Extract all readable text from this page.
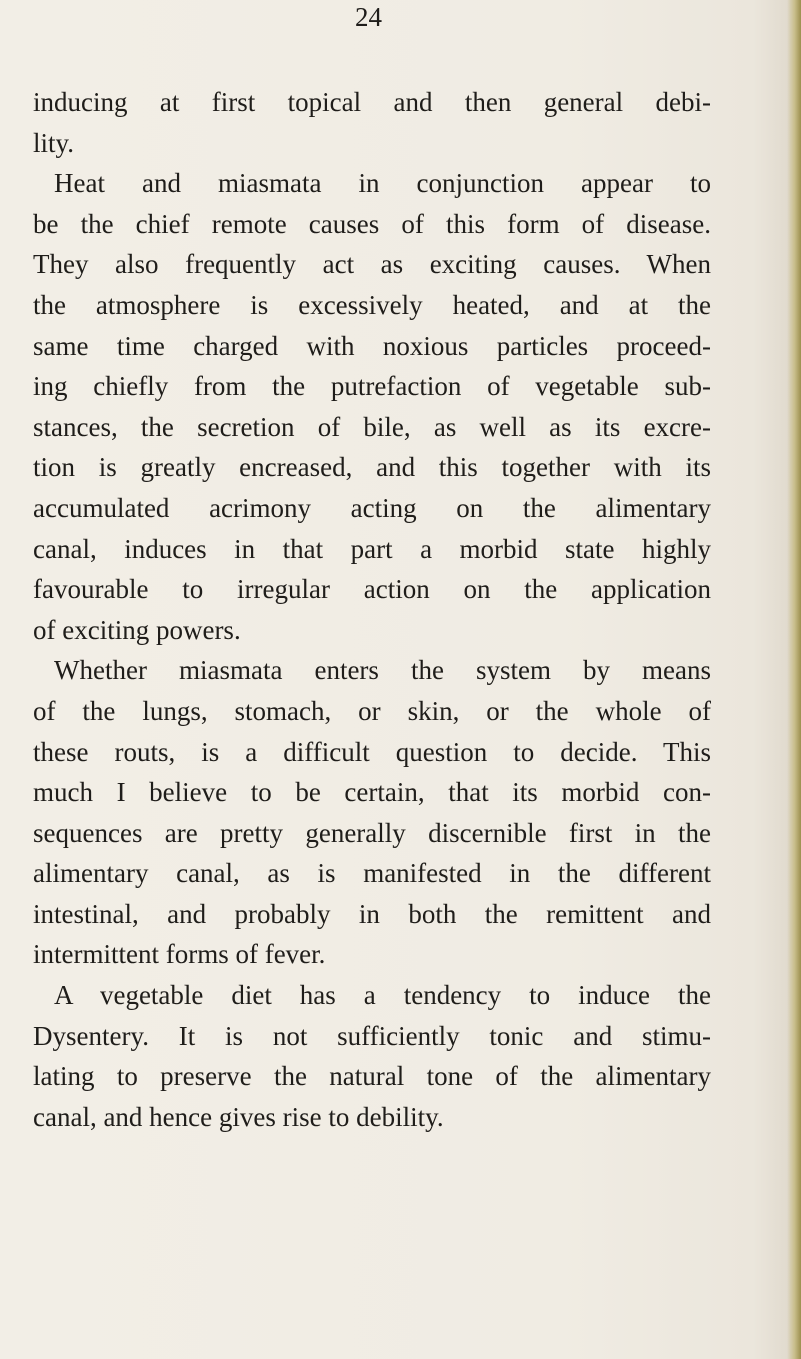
24
inducing at first topical and then general debi-
lity.
Heat and miasmata in conjunction appear to
be the chief remote causes of this form of disease.
They also frequently act as exciting causes. When
the atmosphere is excessively heated, and at the
same time charged with noxious particles proceed-
ing chiefly from the putrefaction of vegetable sub-
stances, the secretion of bile, as well as its excre-
tion is greatly encreased, and this together with its
accumulated acrimony acting on the alimentary
canal, induces in that part a morbid state highly
favourable to irregular action on the application
of exciting powers.
Whether miasmata enters the system by means
of the lungs, stomach, or skin, or the whole of
these routs, is a difficult question to decide. This
much I believe to be certain, that its morbid con-
sequences are pretty generally discernible first in the
alimentary canal, as is manifested in the different
intestinal, and probably in both the remittent and
intermittent forms of fever.
A vegetable diet has a tendency to induce the
Dysentery. It is not sufficiently tonic and stimu-
lating to preserve the natural tone of the alimentary
canal, and hence gives rise to debility.
